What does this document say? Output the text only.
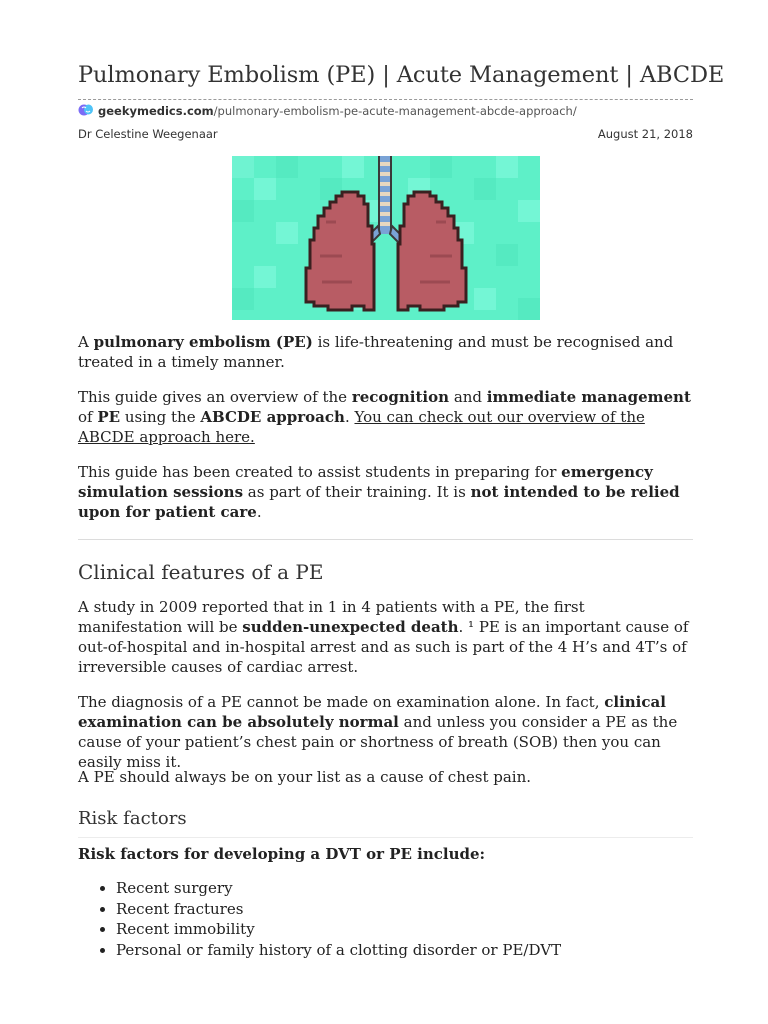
Pulmonary Embolism (PE) | Acute Management | ABCDE
geekymedics.com/pulmonary-embolism-pe-acute-management-abcde-approach/
Dr Celestine Weegenaar	August 21, 2018

A pulmonary embolism (PE) is life-threatening and must be recognised and treated in a timely manner.

This guide gives an overview of the recognition and immediate management of PE using the ABCDE approach. You can check out our overview of the ABCDE approach here.

This guide has been created to assist students in preparing for emergency simulation sessions as part of their training. It is not intended to be relied upon for patient care.

Clinical features of a PE

A study in 2009 reported that in 1 in 4 patients with a PE, the first manifestation will be sudden-unexpected death. ¹ PE is an important cause of out-of-hospital and in-hospital arrest and as such is part of the 4 H’s and 4T’s of irreversible causes of cardiac arrest.

The diagnosis of a PE cannot be made on examination alone. In fact, clinical examination can be absolutely normal and unless you consider a PE as the cause of your patient’s chest pain or shortness of breath (SOB) then you can easily miss it.

A PE should always be on your list as a cause of chest pain.

Risk factors

Risk factors for developing a DVT or PE include:

• Recent surgery
• Recent fractures
• Recent immobility
• Personal or family history of a clotting disorder or PE/DVT
